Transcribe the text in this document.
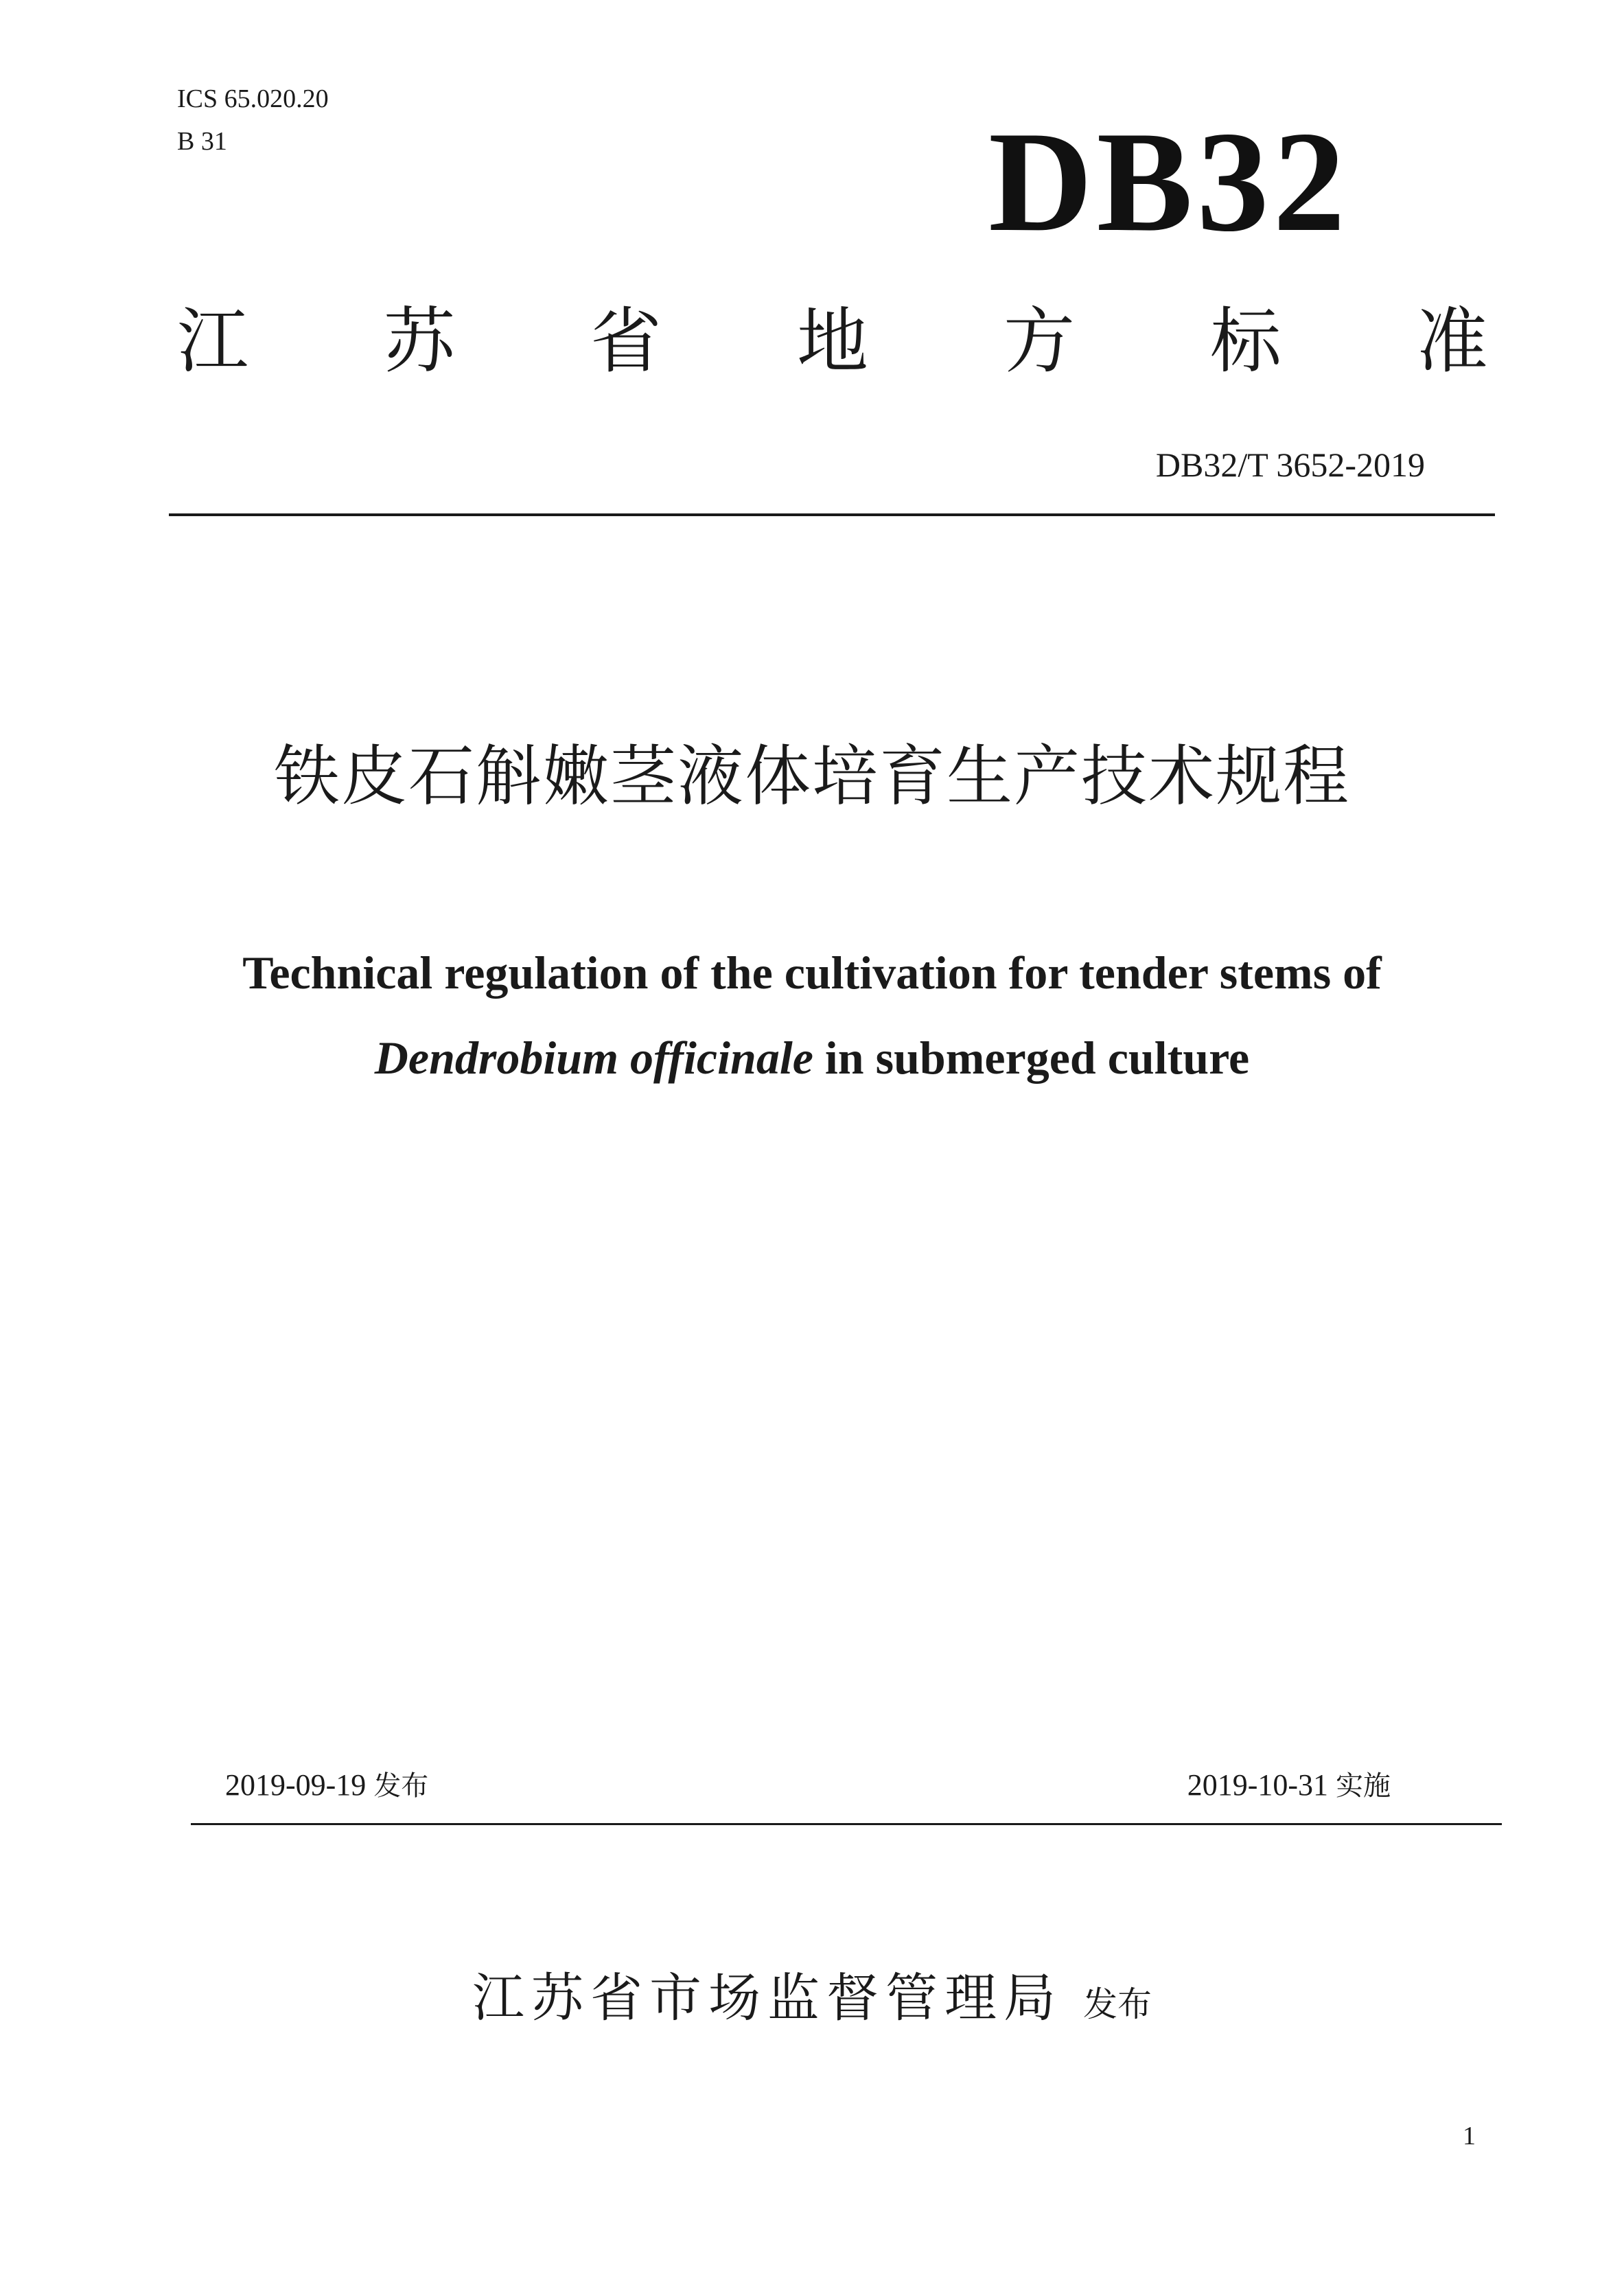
ICS 65.020.20
B 31	DB32
江 苏 省 地 方 标 准
DB32/T 3652-2019
铁皮石斛嫩茎液体培育生产技术规程
Technical regulation of the cultivation for tender stems of
Dendrobium officinale in submerged culture
2019-09-19 发布	2019-10-31 实施
江苏省市场监督管理局 发布
1
